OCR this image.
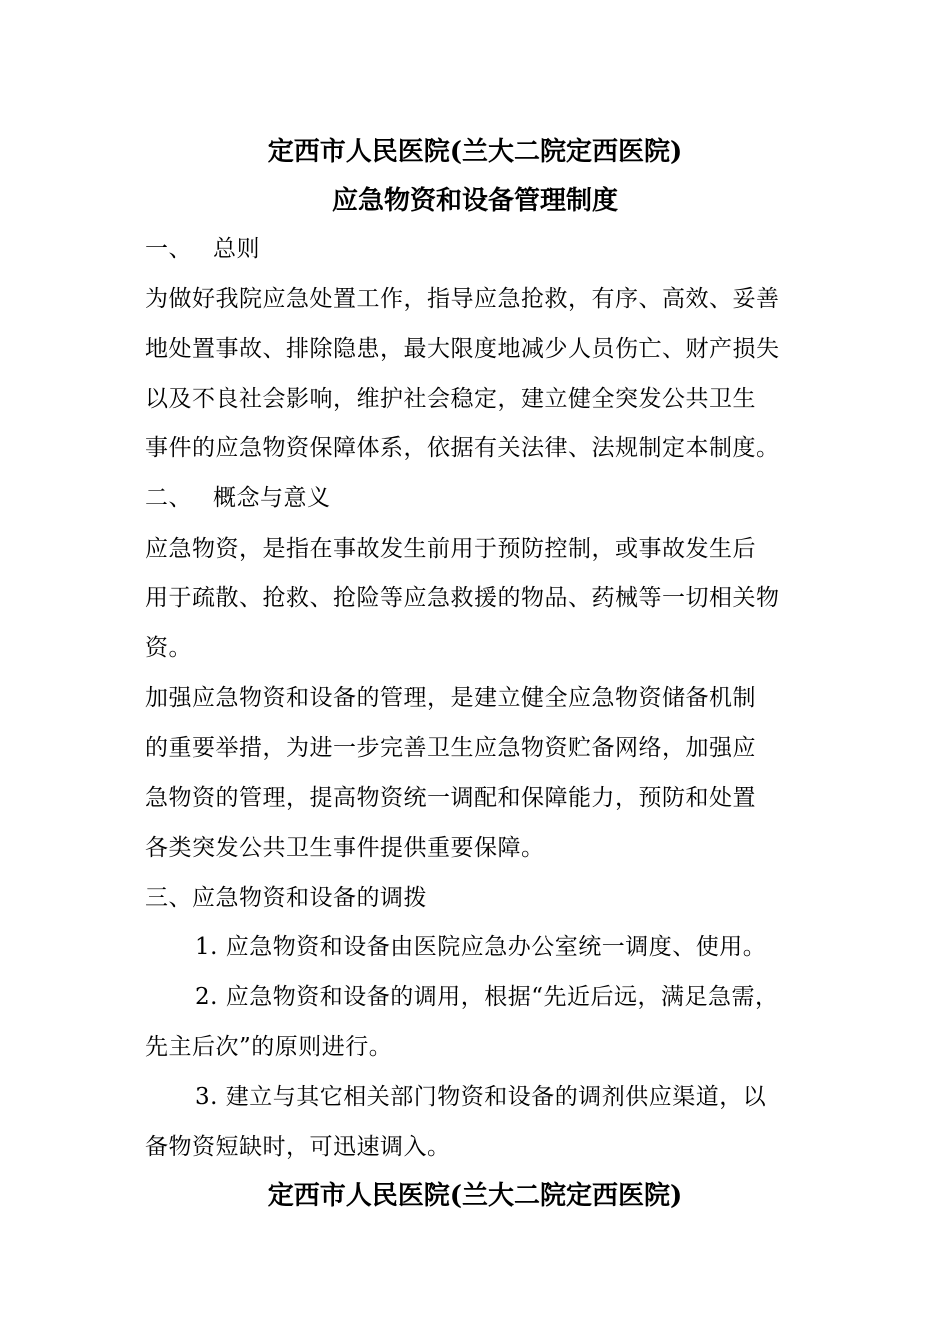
定西市人民医院(兰大二院定西医院)
应急物资和设备管理制度
一、 总则
为做好我院应急处置工作，指导应急抢救，有序、高效、妥善
地处置事故、排除隐患，最大限度地减少人员伤亡、财产损失
以及不良社会影响，维护社会稳定，建立健全突发公共卫生
事件的应急物资保障体系，依据有关法律、法规制定本制度。
二、 概念与意义
应急物资，是指在事故发生前用于预防控制，或事故发生后
用于疏散、抢救、抢险等应急救援的物品、药械等一切相关物
资。
加强应急物资和设备的管理，是建立健全应急物资储备机制
的重要举措，为进一步完善卫生应急物资贮备网络，加强应
急物资的管理，提高物资统一调配和保障能力，预防和处置
各类突发公共卫生事件提供重要保障。
三、应急物资和设备的调拨
1. 应急物资和设备由医院应急办公室统一调度、使用。
2. 应急物资和设备的调用，根据“先近后远，满足急需，
先主后次”的原则进行。
3. 建立与其它相关部门物资和设备的调剂供应渠道，以
备物资短缺时，可迅速调入。
定西市人民医院(兰大二院定西医院)
